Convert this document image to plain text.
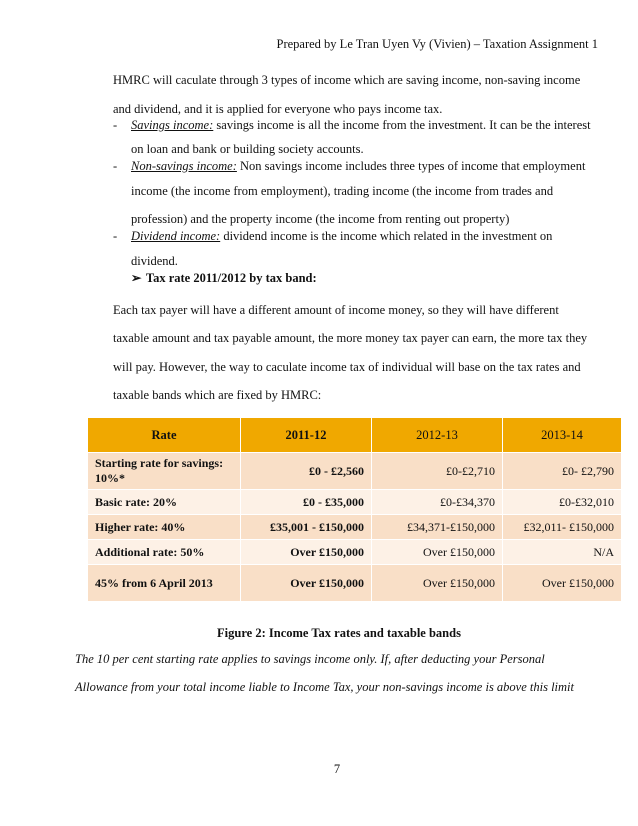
Prepared by Le Tran Uyen Vy (Vivien) – Taxation Assignment 1
HMRC will caculate through 3 types of income which are saving income, non-saving income
and dividend, and it is applied for everyone who pays income tax.
- Savings income: savings income is all the income from the investment. It can be the interest
on loan and bank or building society accounts.
- Non-savings income: Non savings income includes three types of income that employment
income (the income from employment), trading income (the income from trades and
profession) and the property income (the income from renting out property)
- Dividend income: dividend income is the income which related in the investment on
dividend.
➢ Tax rate 2011/2012 by tax band:
Each tax payer will have a different amount of income money, so they will have different
taxable amount and tax payable amount, the more money tax payer can earn, the more tax they
will pay. However, the way to caculate income tax of individual will base on the tax rates and
taxable bands which are fixed by HMRC:
Rate	2011-12	2012-13	2013-14
Starting rate for savings: 10%*	£0 - £2,560	£0-£2,710	£0- £2,790
Basic rate: 20%	£0 - £35,000	£0-£34,370	£0-£32,010
Higher rate: 40%	£35,001 - £150,000	£34,371-£150,000	£32,011- £150,000
Additional rate: 50%	Over £150,000	Over £150,000	N/A
45% from 6 April 2013	Over £150,000	Over £150,000	Over £150,000
Figure 2: Income Tax rates and taxable bands
The 10 per cent starting rate applies to savings income only. If, after deducting your Personal
Allowance from your total income liable to Income Tax, your non-savings income is above this limit
7
